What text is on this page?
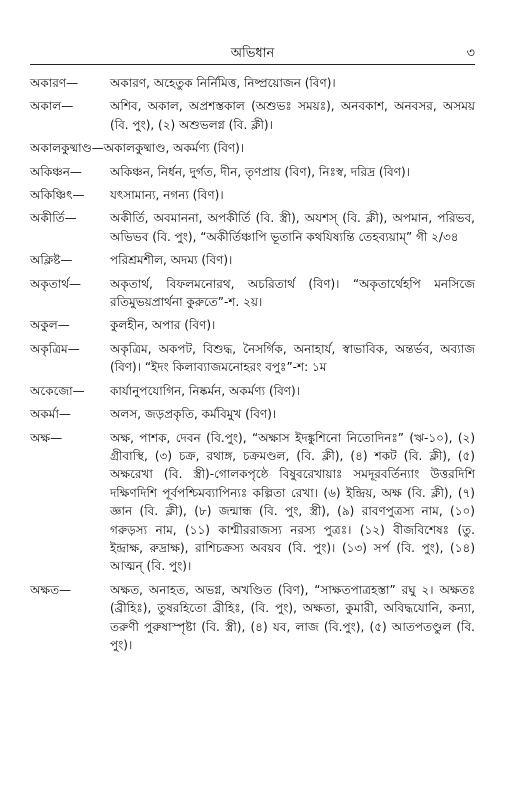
অভিধান	৩
অকারণ—	অকারণ, অহেতুক নির্নিমিত্ত, নিষ্প্রয়োজন (বিণ)।
অকাল—	অশিব, অকাল, অপ্রশস্তকাল (অশুভঃ সময়ঃ), অনবকাশ, অনবসর, অসময় (বি. পুং), (২) অশুভলগ্ন (বি. ক্লী)।
অকালকুষ্মাণ্ড—অকালকুষ্মাণ্ড, অকর্মণ্য (বিণ)।
অকিঞ্চন—	অকিঞ্চন, নির্ধন, দুর্গত, দীন, তৃণপ্রায় (বিণ), নিঃস্ব, দরিদ্র (বিণ)।
অকিঞ্চিৎ—	যৎসামান্য, নগন্য (বিণ)।
অকীর্তি—	অকীর্তি, অবমাননা, অপকীর্তি (বি. স্ত্রী), অযশস্ (বি. ক্লী), অপমান, পরিভব, অভিভব (বি. পুং), “অকীর্তিঞ্চাপি ভূতানি কথযিষ্যন্তি তেহব্যয়াম্” গী ২/৩৪
অক্লিষ্ট—	পরিশ্রমশীল, অদম্য (বিণ)।
অকৃতার্থ—	অকৃতার্থ, বিফলমনোরথ, অচরিতার্থ (বিণ)। “অকৃতার্থেহপি মনসিজে রতিমুভয়প্রার্থনা কুরুতে”-শ. ২য়।
অকুল—	কুলহীন, অপার (বিণ)।
অকৃত্রিম—	অকৃত্রিম, অকপট, বিশুদ্ধ, নৈসর্গিক, অনাহার্য, স্বাভাবিক, অন্তর্ভব, অব্যাজ (বিণ)। “ইদং কিলাব্যাজমনোহরং বপুঃ”-শ: ১ম
অকেজো—	কার্যানুপযোগিন, নিষ্কর্মন, অকর্মণ্য (বিণ)।
অকর্মা—	অলস, জড়প্রকৃতি, কর্মবিমুখ (বিণ)।
অক্ষ—	অক্ষ, পাশক, দেবন (বি.পুং), “অক্ষাস ইদঙ্কুশিনো নিতোদিনঃ” (ঋ-১০), (২) গ্রীবাস্থি, (৩) চক্র, রথাঙ্গ, চক্রমণ্ডল, (বি. ক্লী), (৪) শকট (বি. ক্লী), (৫) অক্ষরেখা (বি. স্ত্রী)-গোলকপৃষ্ঠে বিষুবরেখায়াঃ সমদূরবর্তিন্যাং উত্তরদিশি দক্ষিণদিশি পূর্বপশ্চিমব্যাপিন্যঃ কল্পিতা রেখা। (৬) ইন্দ্রিয়, অক্ষ (বি. ক্লী), (৭) জ্ঞান (বি. ক্লী), (৮) জন্মান্ধ (বি. পুং, স্ত্রী), (৯) রাবণপুত্রস্য নাম, (১০) গরুড়স্য নাম, (১১) কাশ্মীররাজস্য নরস্য পুত্রঃ। (১২) বীজবিশেষঃ (তু. ইন্দ্রাক্ষ, রুদ্রাক্ষ), রাশিচক্রস্য অবয়ব (বি. পুং)। (১৩) সর্প (বি. পুং), (১৪) আত্মন্ (বি. পুং)।
অক্ষত—	অক্ষত, অনাহত, অভগ্ন, অখণ্ডিত (বিণ), “সাক্ষতপাত্রহস্তা” রঘু ২। অক্ষতঃ (ব্রীহিঃ), তুষরহিতো ব্রীহিঃ, (বি. পুং), অক্ষতা, কুমারী, অবিদ্ধযোনি, কন্যা, তরুণী পুরুষাস্পৃষ্টা (বি. স্ত্রী), (৪) যব, লাজ (বি.পুং), (৫) আতপতণ্ডুল (বি. পুং)।
